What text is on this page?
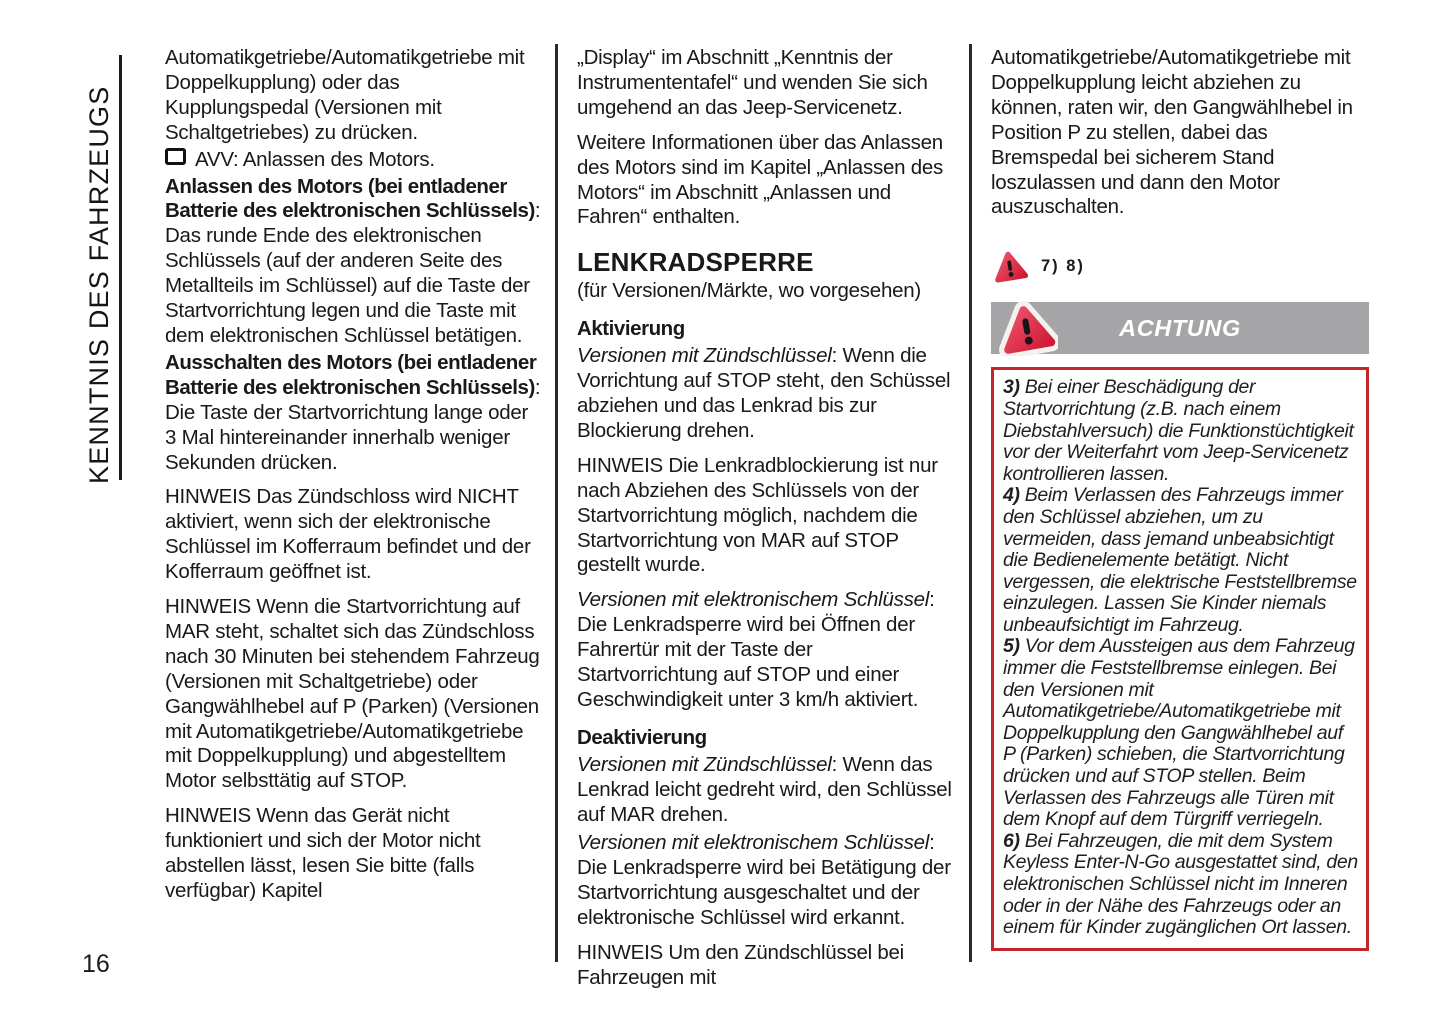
KENNTNIS DES FAHRZEUGS
16

Automatikgetriebe/Automatikgetriebe mit Doppelkupplung) oder das Kupplungspedal (Versionen mit Schaltgetriebes) zu drücken.

AVV: Anlassen des Motors.

Anlassen des Motors (bei entladener Batterie des elektronischen Schlüssels): Das runde Ende des elektronischen Schlüssels (auf der anderen Seite des Metallteils im Schlüssel) auf die Taste der Startvorrichtung legen und die Taste mit dem elektronischen Schlüssel betätigen.

Ausschalten des Motors (bei entladener Batterie des elektronischen Schlüssels): Die Taste der Startvorrichtung lange oder 3 Mal hintereinander innerhalb weniger Sekunden drücken.

HINWEIS Das Zündschloss wird NICHT aktiviert, wenn sich der elektronische Schlüssel im Kofferraum befindet und der Kofferraum geöffnet ist.

HINWEIS Wenn die Startvorrichtung auf MAR steht, schaltet sich das Zündschloss nach 30 Minuten bei stehendem Fahrzeug (Versionen mit Schaltgetriebe) oder Gangwählhebel auf P (Parken) (Versionen mit Automatikgetriebe/Automatikgetriebe mit Doppelkupplung) und abgestelltem Motor selbsttätig auf STOP.

HINWEIS Wenn das Gerät nicht funktioniert und sich der Motor nicht abstellen lässt, lesen Sie bitte (falls verfügbar) Kapitel

„Display“ im Abschnitt „Kenntnis der Instrumententafel“ und wenden Sie sich umgehend an das Jeep-Servicenetz.

Weitere Informationen über das Anlassen des Motors sind im Kapitel „Anlassen des Motors“ im Abschnitt „Anlassen und Fahren“ enthalten.

LENKRADSPERRE

(für Versionen/Märkte, wo vorgesehen)

Aktivierung

Versionen mit Zündschlüssel: Wenn die Vorrichtung auf STOP steht, den Schüssel abziehen und das Lenkrad bis zur Blockierung drehen.

HINWEIS Die Lenkradblockierung ist nur nach Abziehen des Schlüssels von der Startvorrichtung möglich, nachdem die Startvorrichtung von MAR auf STOP gestellt wurde.

Versionen mit elektronischem Schlüssel: Die Lenkradsperre wird bei Öffnen der Fahrertür mit der Taste der Startvorrichtung auf STOP und einer Geschwindigkeit unter 3 km/h aktiviert.

Deaktivierung

Versionen mit Zündschlüssel: Wenn das Lenkrad leicht gedreht wird, den Schlüssel auf MAR drehen.

Versionen mit elektronischem Schlüssel: Die Lenkradsperre wird bei Betätigung der Startvorrichtung ausgeschaltet und der elektronische Schlüssel wird erkannt.

HINWEIS Um den Zündschlüssel bei Fahrzeugen mit

Automatikgetriebe/Automatikgetriebe mit Doppelkupplung leicht abziehen zu können, raten wir, den Gangwählhebel in Position P zu stellen, dabei das Bremspedal bei sicherem Stand loszulassen und dann den Motor auszuschalten.

7) 8)
ACHTUNG

3) Bei einer Beschädigung der Startvorrichtung (z.B. nach einem Diebstahlversuch) die Funktionstüchtigkeit vor der Weiterfahrt vom Jeep-Servicenetz kontrollieren lassen.

4) Beim Verlassen des Fahrzeugs immer den Schlüssel abziehen, um zu vermeiden, dass jemand unbeabsichtigt die Bedienelemente betätigt. Nicht vergessen, die elektrische Feststellbremse einzulegen. Lassen Sie Kinder niemals unbeaufsichtigt im Fahrzeug.

5) Vor dem Aussteigen aus dem Fahrzeug immer die Feststellbremse einlegen. Bei den Versionen mit Automatikgetriebe/Automatikgetriebe mit Doppelkupplung den Gangwählhebel auf P (Parken) schieben, die Startvorrichtung drücken und auf STOP stellen. Beim Verlassen des Fahrzeugs alle Türen mit dem Knopf auf dem Türgriff verriegeln.

6) Bei Fahrzeugen, die mit dem System Keyless Enter-N-Go ausgestattet sind, den elektronischen Schlüssel nicht im Inneren oder in der Nähe des Fahrzeugs oder an einem für Kinder zugänglichen Ort lassen.
